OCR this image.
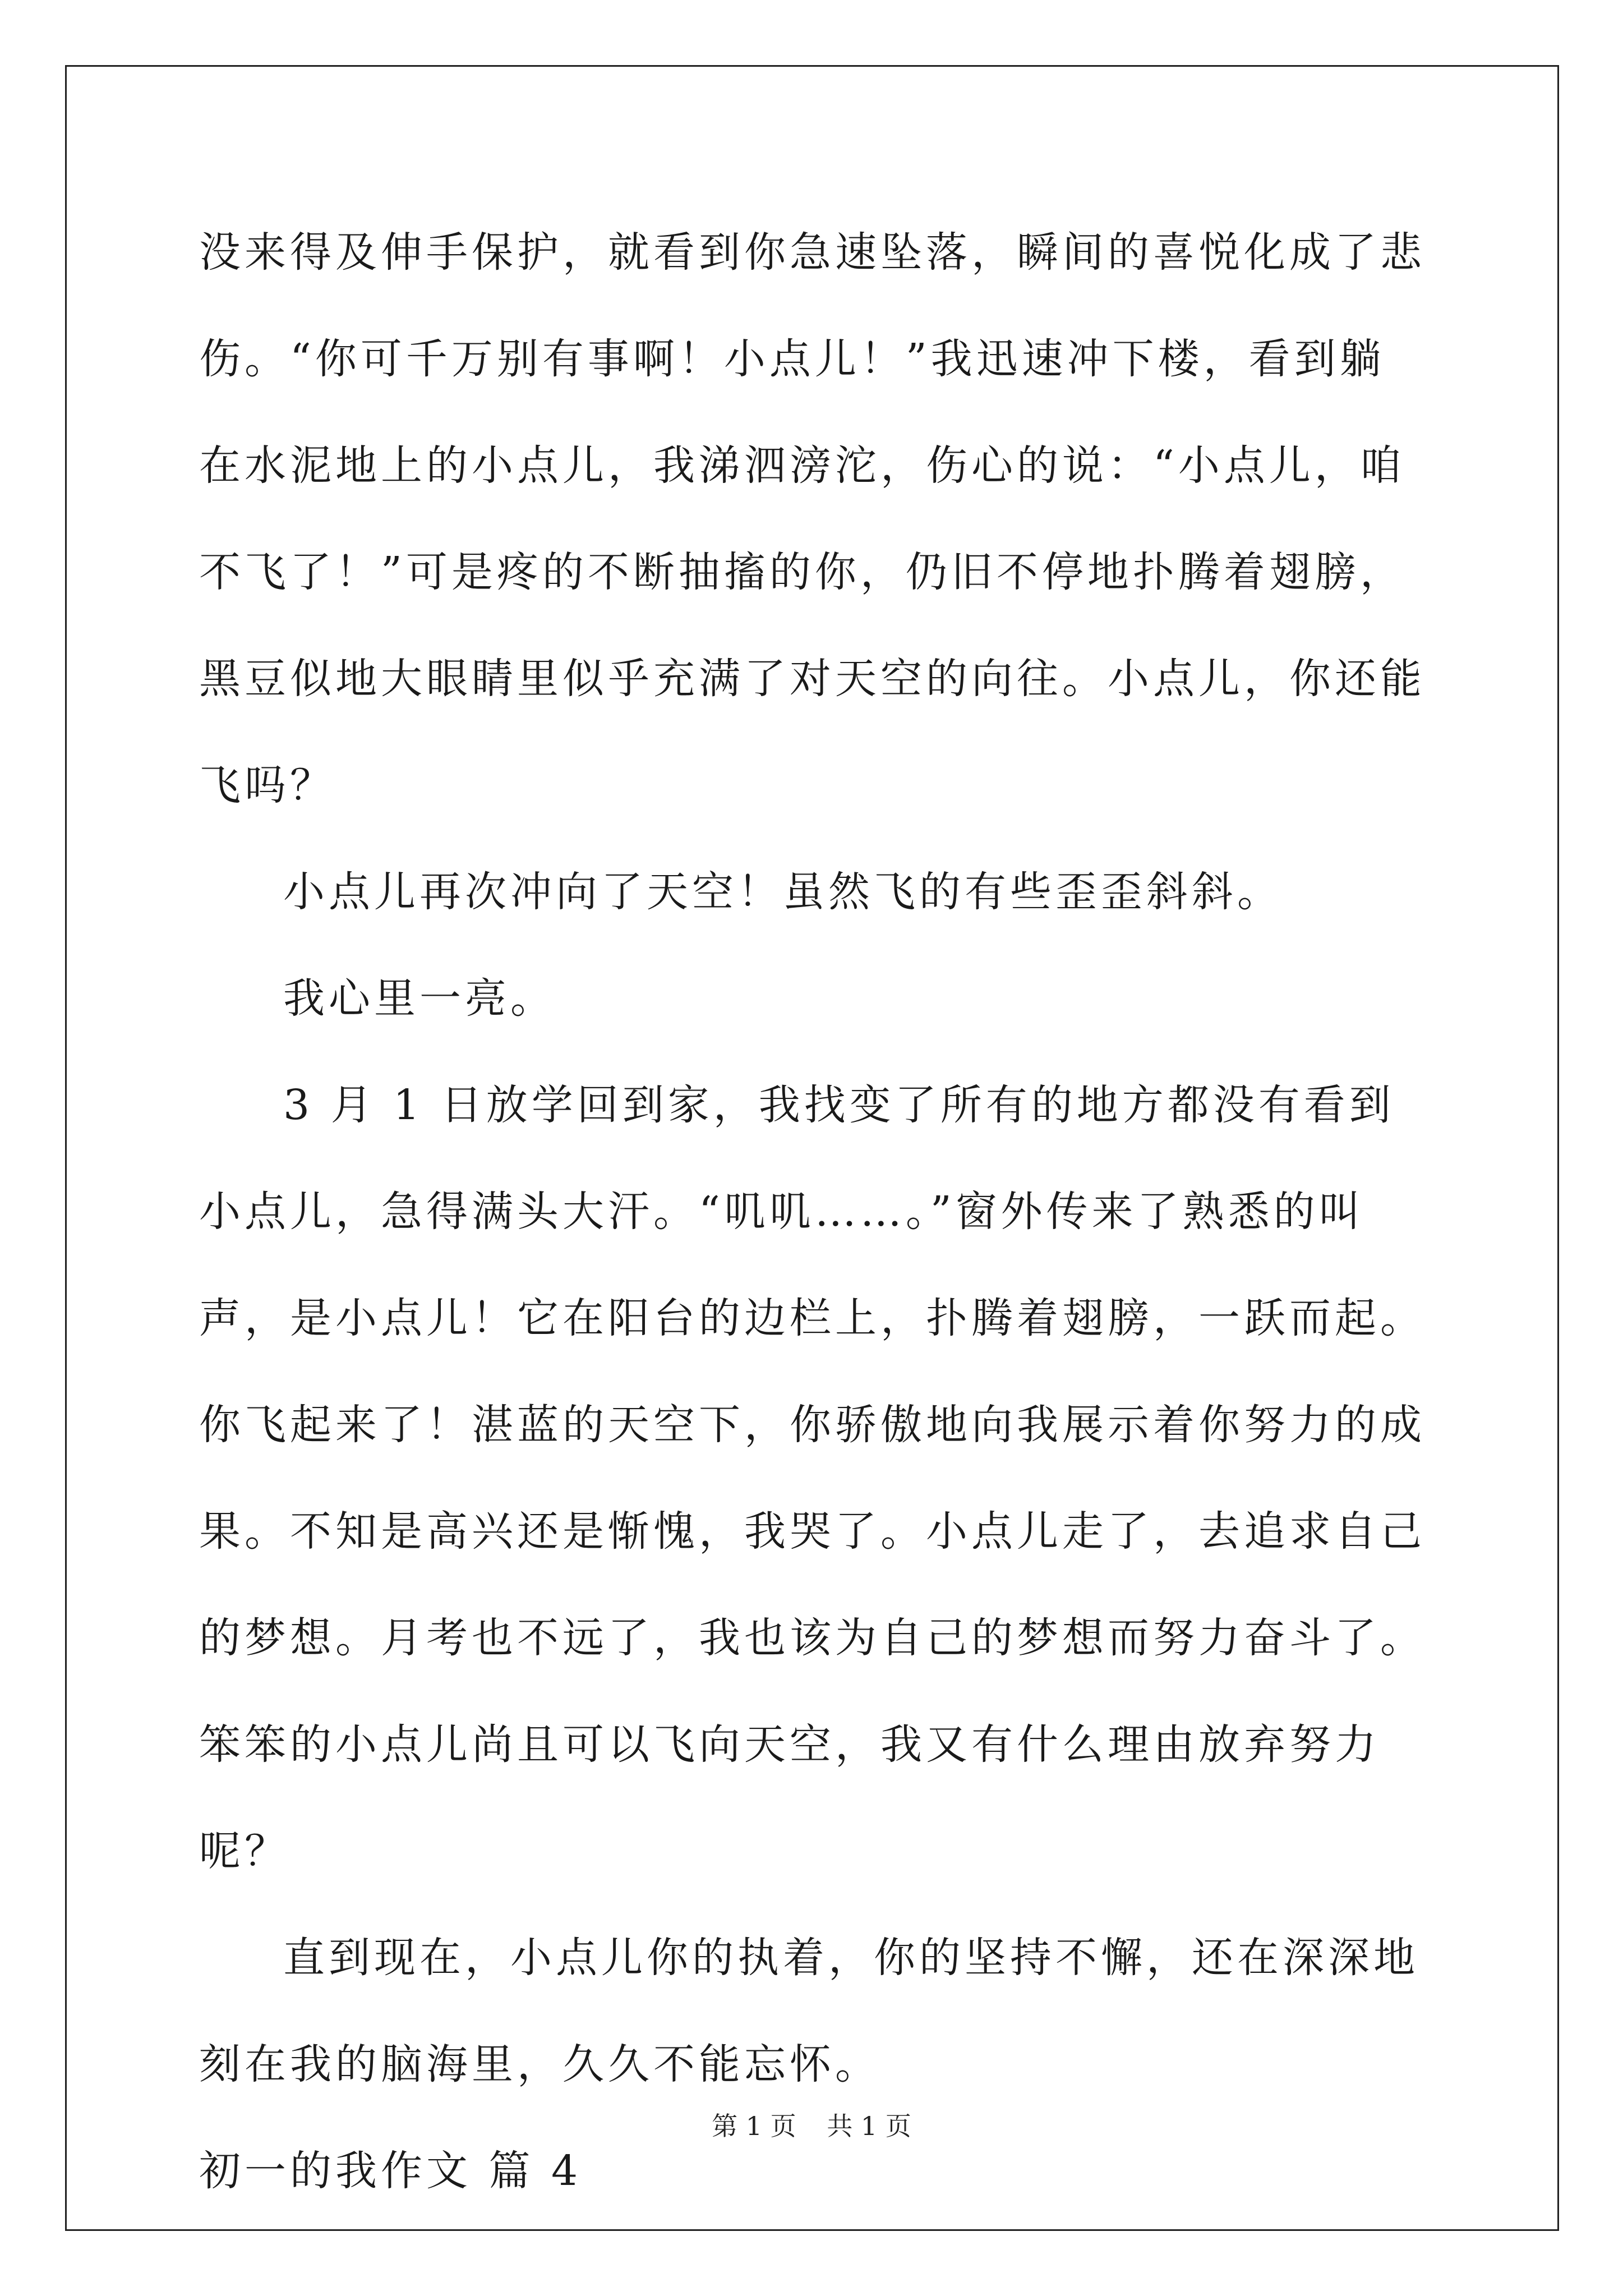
没来得及伸手保护，就看到你急速坠落，瞬间的喜悦化成了悲伤。“你可千万别有事啊！小点儿！”我迅速冲下楼，看到躺在水泥地上的小点儿，我涕泗滂沱，伤心的说：“小点儿，咱不飞了！”可是疼的不断抽搐的你，仍旧不停地扑腾着翅膀，黑豆似地大眼睛里似乎充满了对天空的向往。小点儿，你还能飞吗？

小点儿再次冲向了天空！虽然飞的有些歪歪斜斜。

我心里一亮。

3 月 1 日放学回到家，我找变了所有的地方都没有看到小点儿，急得满头大汗。“叽叽……。”窗外传来了熟悉的叫声，是小点儿！它在阳台的边栏上，扑腾着翅膀，一跃而起。你飞起来了！湛蓝的天空下，你骄傲地向我展示着你努力的成果。不知是高兴还是惭愧，我哭了。小点儿走了，去追求自己的梦想。月考也不远了，我也该为自己的梦想而努力奋斗了。笨笨的小点儿尚且可以飞向天空，我又有什么理由放弃努力呢？

直到现在，小点儿你的执着，你的坚持不懈，还在深深地刻在我的脑海里，久久不能忘怀。

初一的我作文 篇 4

第 1 页 共 1 页
